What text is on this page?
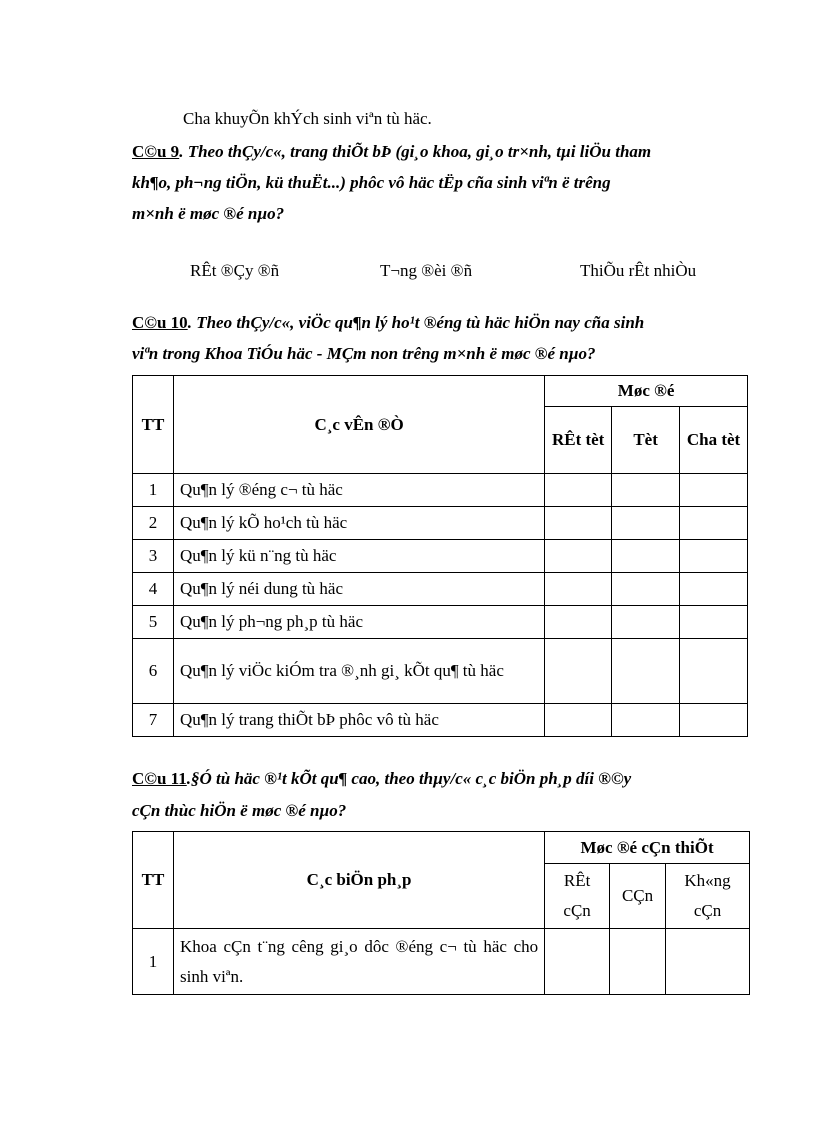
Cha khuyÕn khÝch sinh viªn tù häc.
C©u 9. Theo thÇy/c«, trang thiÕt bÞ (gi¸o khoa, gi¸o tr×nh, tµi liÖu tham
kh¶o, ph¬ng tiÖn, kü thuËt...) phôc vô häc tËp cña sinh viªn ë trêng
m×nh ë møc ®é nµo?
RÊt ®Çy ®ñ	T¬ng ®èi ®ñ	ThiÕu rÊt nhiÒu
C©u 10. Theo thÇy/c«, viÖc qu¶n lý ho¹t ®éng tù häc hiÖn nay cña sinh
viªn trong Khoa TiÓu häc - MÇm non trêng m×nh ë møc ®é nµo?
TT	C¸c vÊn ®Ò	Møc ®é		
		RÊt tèt	Tèt	Cha tèt
1	Qu¶n lý ®éng c¬ tù häc			
2	Qu¶n lý kÕ ho¹ch tù häc			
3	Qu¶n lý kü n¨ng tù häc			
4	Qu¶n lý néi dung tù häc			
5	Qu¶n lý ph¬ng ph¸p tù häc			
6	Qu¶n lý viÖc kiÓm tra ®¸nh gi¸ kÕt qu¶ tù häc			
7	Qu¶n lý trang thiÕt bÞ phôc vô tù häc			
C©u 11.§Ó tù häc ®¹t kÕt qu¶ cao, theo thµy/c« c¸c biÖn ph¸p díi ®©y
cÇn thùc hiÖn ë møc ®é nµo?
TT	C¸c biÖn ph¸p	Møc ®é cÇn thiÕt		
		RÊt cÇn	CÇn	Kh«ng cÇn
1	Khoa cÇn t¨ng cêng gi¸o dôc ®éng c¬ tù häc cho sinh viªn.			
